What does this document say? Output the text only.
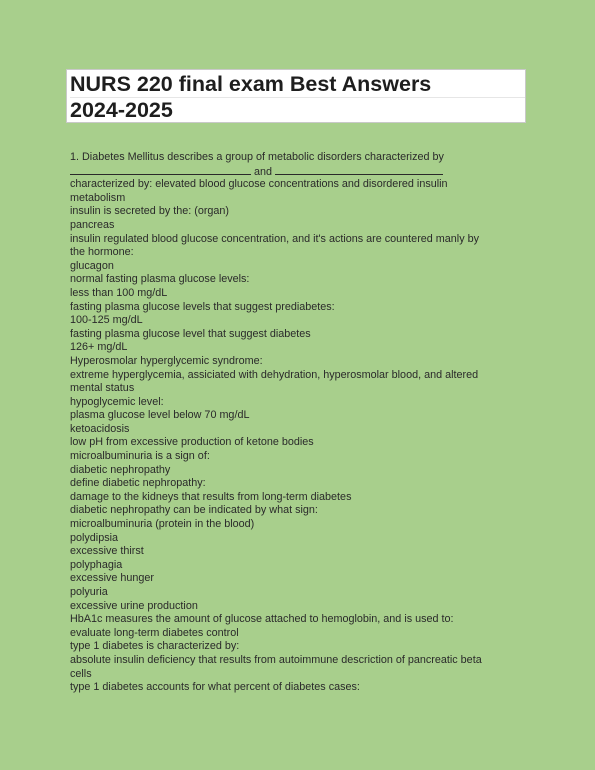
NURS 220 final exam Best Answers
2024-2025
1. Diabetes Mellitus describes a group of metabolic disorders characterized by
and
characterized by: elevated blood glucose concentrations and disordered insulin
metabolism
insulin is secreted by the: (organ)
pancreas
insulin regulated blood glucose concentration, and it's actions are countered manly by
the hormone:
glucagon
normal fasting plasma glucose levels:
less than 100 mg/dL
fasting plasma glucose levels that suggest prediabetes:
100-125 mg/dL
fasting plasma glucose level that suggest diabetes
126+ mg/dL
Hyperosmolar hyperglycemic syndrome:
extreme hyperglycemia, assiciated with dehydration, hyperosmolar blood, and altered
mental status
hypoglycemic level:
plasma glucose level below 70 mg/dL
ketoacidosis
low pH from excessive production of ketone bodies
microalbuminuria is a sign of:
diabetic nephropathy
define diabetic nephropathy:
damage to the kidneys that results from long-term diabetes
diabetic nephropathy can be indicated by what sign:
microalbuminuria (protein in the blood)
polydipsia
excessive thirst
polyphagia
excessive hunger
polyuria
excessive urine production
HbA1c measures the amount of glucose attached to hemoglobin, and is used to:
evaluate long-term diabetes control
type 1 diabetes is characterized by:
absolute insulin deficiency that results from autoimmune descriction of pancreatic beta
cells
type 1 diabetes accounts for what percent of diabetes cases:
